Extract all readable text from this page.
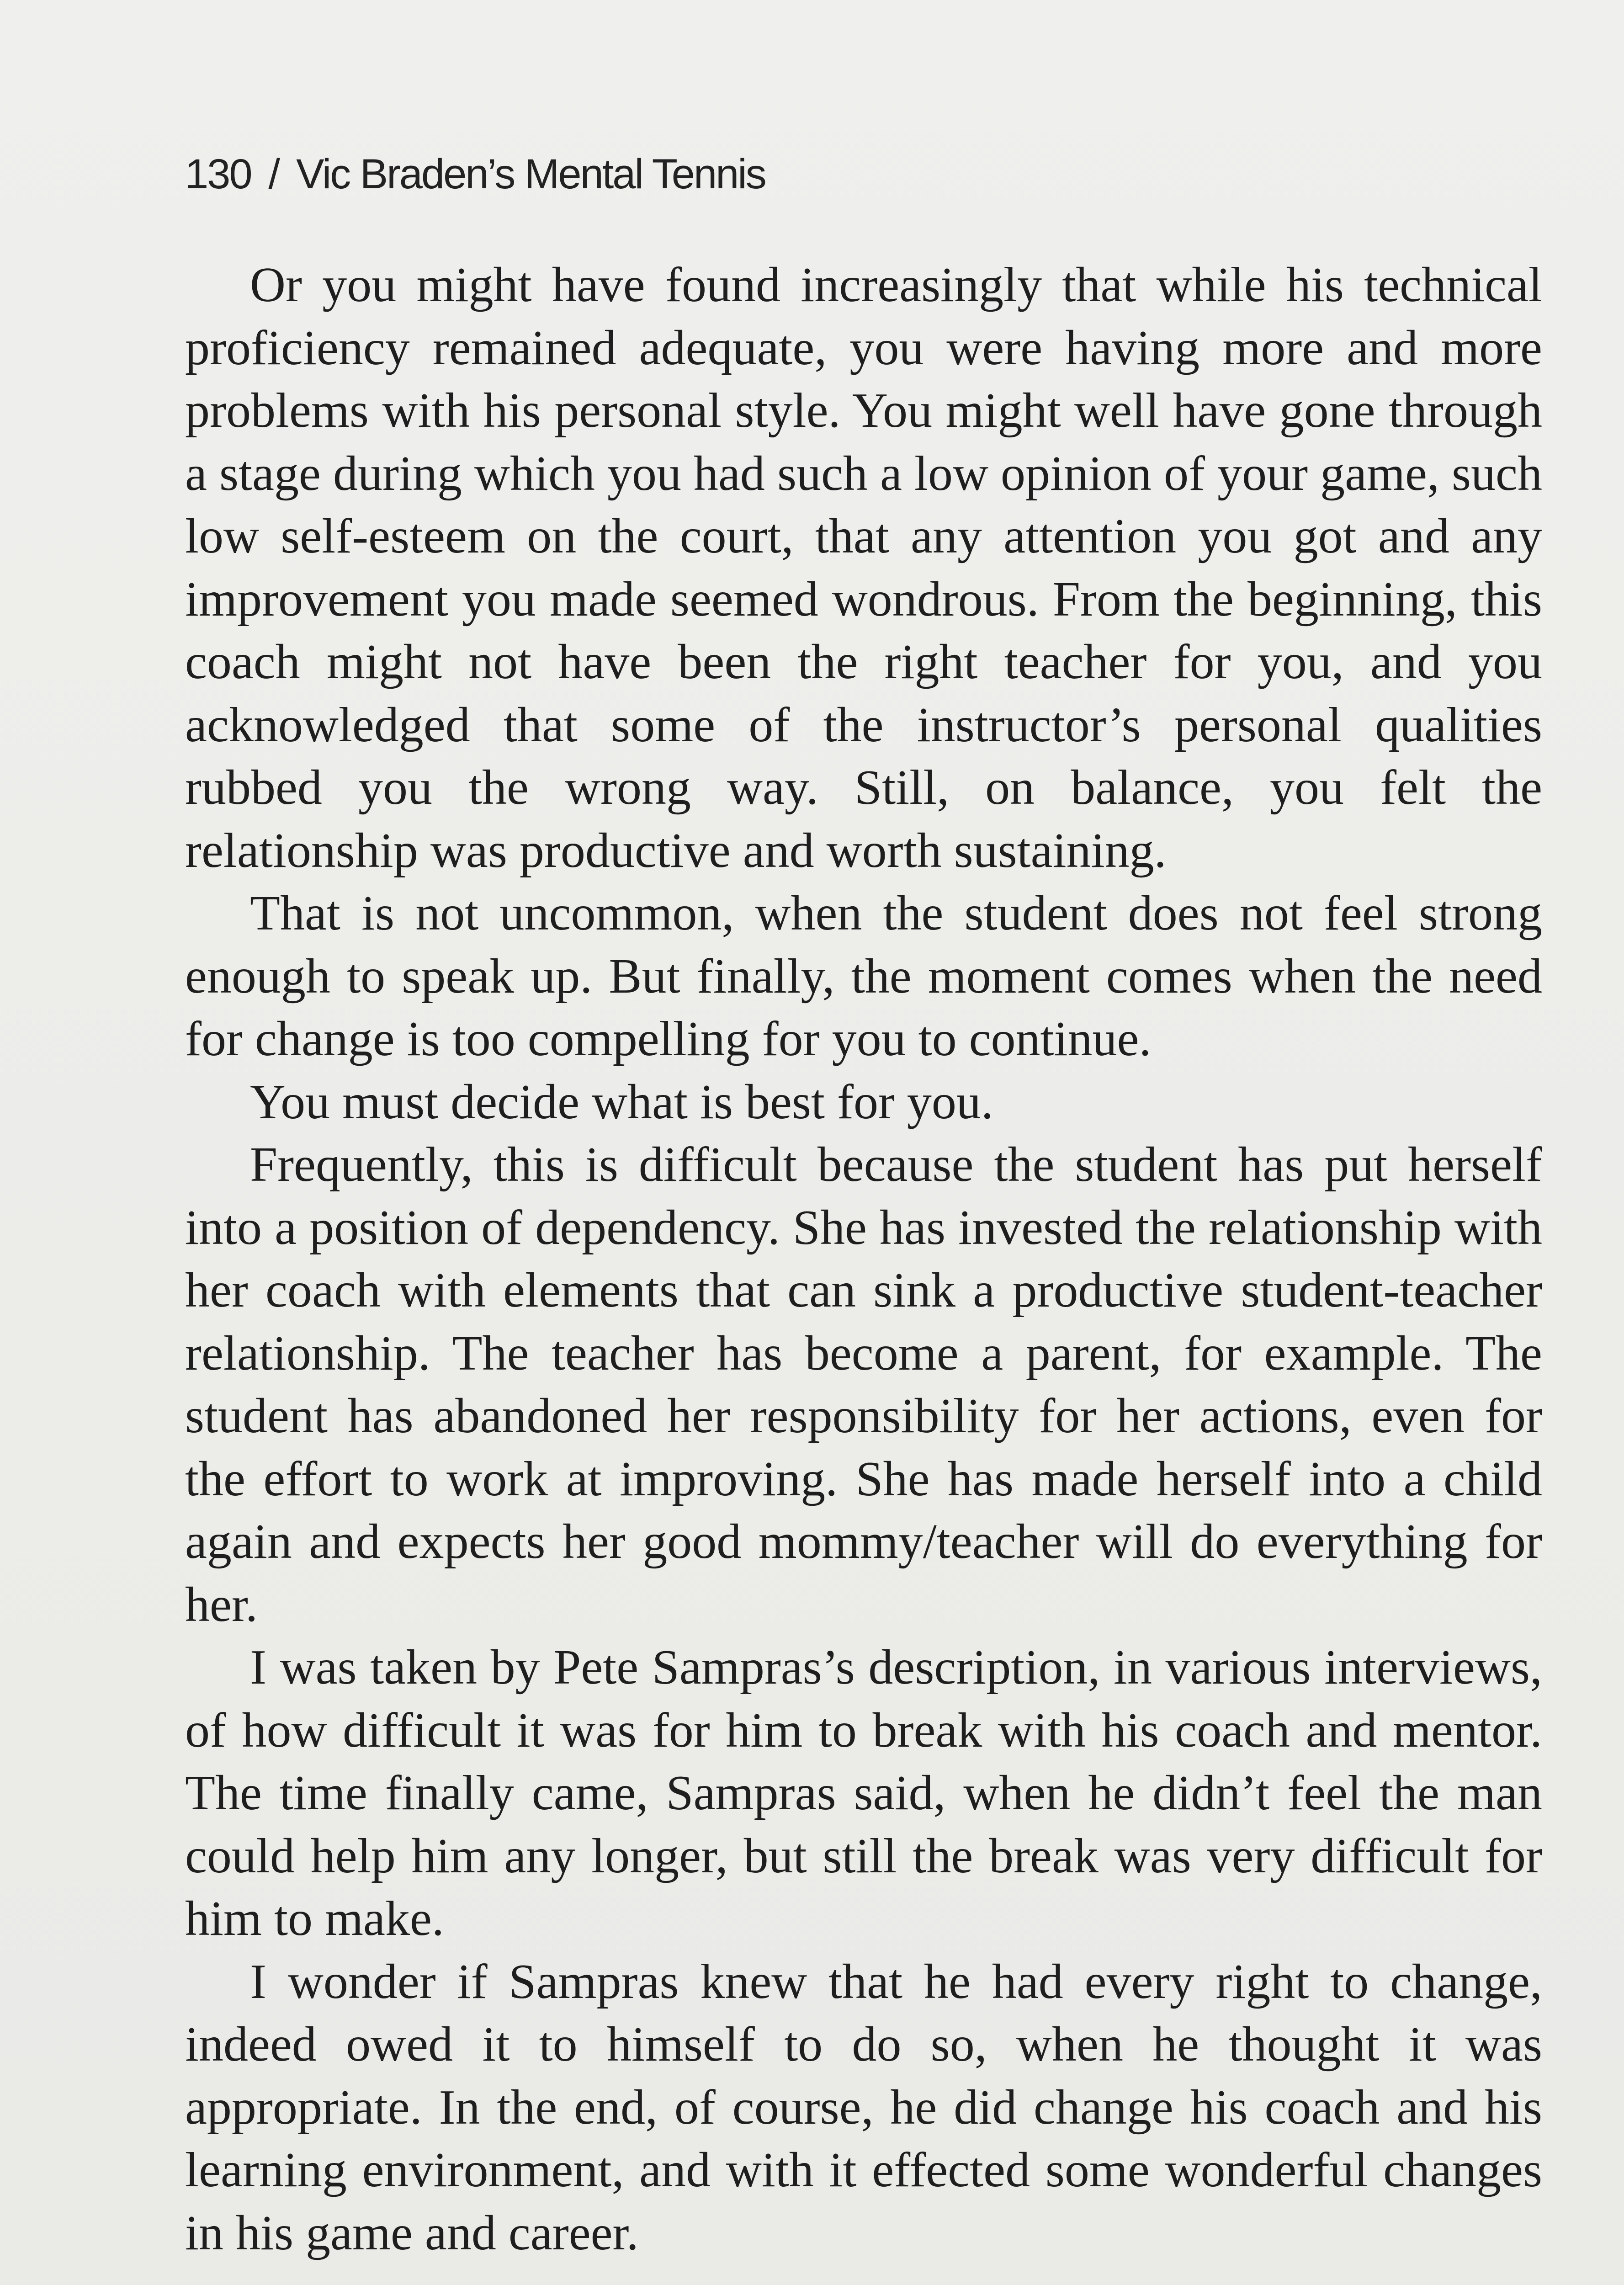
130 / Vic Braden’s Mental Tennis

Or you might have found increasingly that while his technical proficiency remained adequate, you were having more and more problems with his personal style. You might well have gone through a stage during which you had such a low opinion of your game, such low self-esteem on the court, that any attention you got and any improvement you made seemed wondrous. From the beginning, this coach might not have been the right teacher for you, and you acknowledged that some of the instructor’s personal qualities rubbed you the wrong way. Still, on balance, you felt the relationship was productive and worth sustaining.

That is not uncommon, when the student does not feel strong enough to speak up. But finally, the moment comes when the need for change is too compelling for you to continue.

You must decide what is best for you.

Frequently, this is difficult because the student has put herself into a position of dependency. She has invested the relationship with her coach with elements that can sink a productive student-teacher relationship. The teacher has become a parent, for example. The student has abandoned her responsibility for her actions, even for the effort to work at improving. She has made herself into a child again and expects her good mommy/teacher will do everything for her.

I was taken by Pete Sampras’s description, in various interviews, of how difficult it was for him to break with his coach and mentor. The time finally came, Sampras said, when he didn’t feel the man could help him any longer, but still the break was very difficult for him to make.

I wonder if Sampras knew that he had every right to change, indeed owed it to himself to do so, when he thought it was appropriate. In the end, of course, he did change his coach and his learning environment, and with it effected some wonderful changes in his game and career.
